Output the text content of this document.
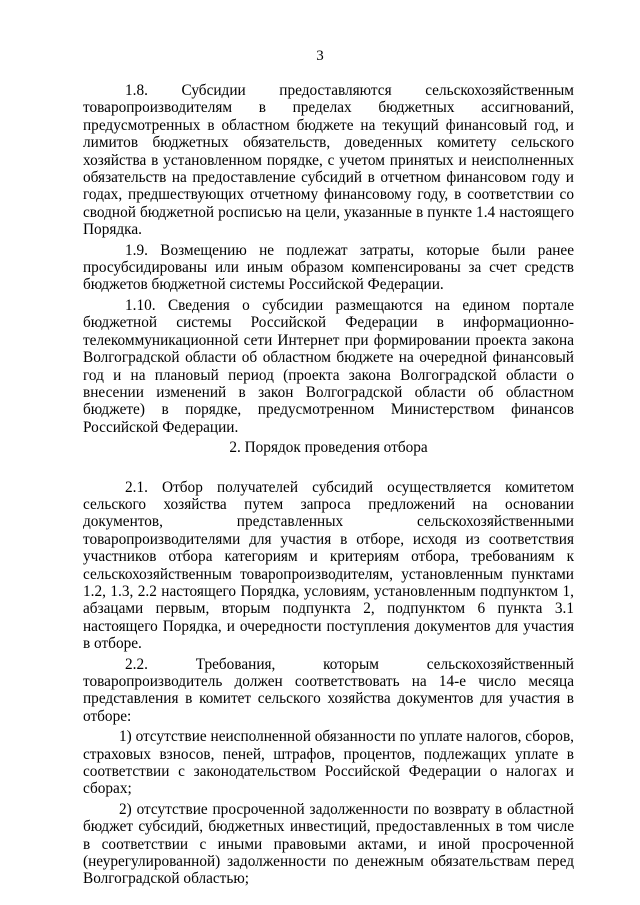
3

1.8. Субсидии предоставляются сельскохозяйственным товаропроизводителям в пределах бюджетных ассигнований, предусмотренных в областном бюджете на текущий финансовый год, и лимитов бюджетных обязательств, доведенных комитету сельского хозяйства в установленном порядке, с учетом принятых и неисполненных обязательств на предоставление субсидий в отчетном финансовом году и годах, предшествующих отчетному финансовому году, в соответствии со сводной бюджетной росписью на цели, указанные в пункте 1.4 настоящего Порядка.

1.9. Возмещению не подлежат затраты, которые были ранее просубсидированы или иным образом компенсированы за счет средств бюджетов бюджетной системы Российской Федерации.

1.10. Сведения о субсидии размещаются на едином портале бюджетной системы Российской Федерации в информационно-телекоммуникационной сети Интернет при формировании проекта закона Волгоградской области об областном бюджете на очередной финансовый год и на плановый период (проекта закона Волгоградской области о внесении изменений в закон Волгоградской области об областном бюджете) в порядке, предусмотренном Министерством финансов Российской Федерации.

2. Порядок проведения отбора

2.1. Отбор получателей субсидий осуществляется комитетом сельского хозяйства путем запроса предложений на основании документов, представленных сельскохозяйственными товаропроизводителями для участия в отборе, исходя из соответствия участников отбора категориям и критериям отбора, требованиям к сельскохозяйственным товаропроизводителям, установленным пунктами 1.2, 1.3, 2.2 настоящего Порядка, условиям, установленным подпунктом 1, абзацами первым, вторым подпункта 2, подпунктом 6 пункта 3.1 настоящего Порядка, и очередности поступления документов для участия в отборе.

2.2. Требования, которым сельскохозяйственный товаропроизводитель должен соответствовать на 14-е число месяца представления в комитет сельского хозяйства документов для участия в отборе:

1) отсутствие неисполненной обязанности по уплате налогов, сборов, страховых взносов, пеней, штрафов, процентов, подлежащих уплате в соответствии с законодательством Российской Федерации о налогах и сборах;

2) отсутствие просроченной задолженности по возврату в областной бюджет субсидий, бюджетных инвестиций, предоставленных в том числе в соответствии с иными правовыми актами, и иной просроченной (неурегулированной) задолженности по денежным обязательствам перед Волгоградской областью;
